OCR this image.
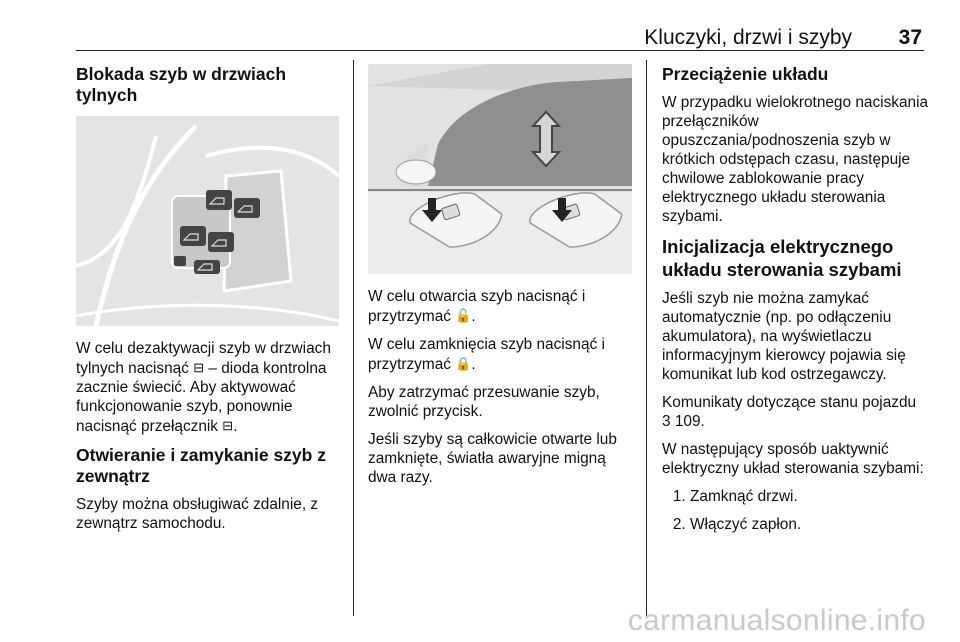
Kluczyki, drzwi i szyby 37
Blokada szyb w drzwiach tylnych

W celu dezaktywacji szyb w drzwiach tylnych nacisnąć ⊟ – dioda kontrolna zacznie świecić. Aby aktywować funkcjonowanie szyb, ponownie nacisnąć przełącznik ⊟.

Otwieranie i zamykanie szyb z zewnątrz

Szyby można obsługiwać zdalnie, z zewnątrz samochodu.

W celu otwarcia szyb nacisnąć i przytrzymać 🔓.

W celu zamknięcia szyb nacisnąć i przytrzymać 🔒.

Aby zatrzymać przesuwanie szyb, zwolnić przycisk.

Jeśli szyby są całkowicie otwarte lub zamknięte, światła awaryjne migną dwa razy.

Przeciążenie układu

W przypadku wielokrotnego naciskania przełączników opuszczania/podnoszenia szyb w krótkich odstępach czasu, następuje chwilowe zablokowanie pracy elektrycznego układu sterowania szybami.

Inicjalizacja elektrycznego układu sterowania szybami

Jeśli szyb nie można zamykać automatycznie (np. po odłączeniu akumulatora), na wyświetlaczu informacyjnym kierowcy pojawia się komunikat lub kod ostrzegawczy.

Komunikaty dotyczące stanu pojazdu
3 109.

W następujący sposób uaktywnić elektryczny układ sterowania szybami:

1. Zamknąć drzwi.
2. Włączyć zapłon.
carmanualsonline.info
